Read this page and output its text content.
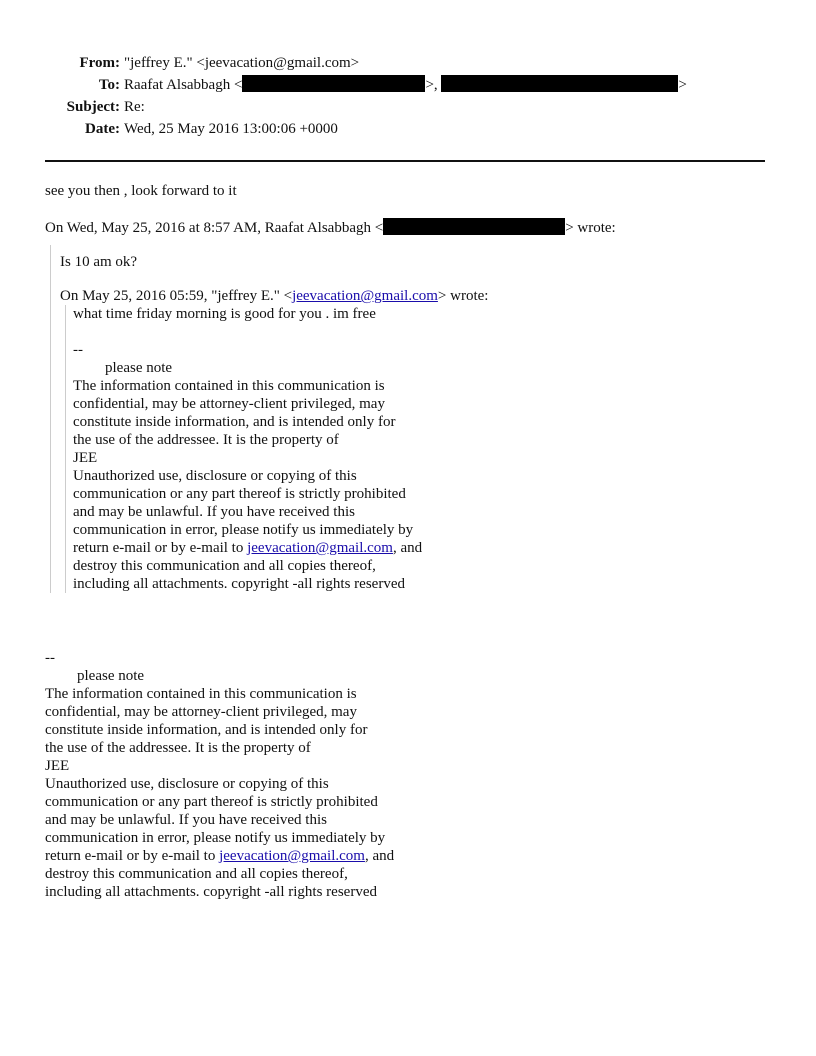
From: "jeffrey E." <jeevacation@gmail.com>
To: Raafat Alsabbagh <	>,	>
Subject: Re:
Date: Wed, 25 May 2016 13:00:06 +0000

see you then , look forward to it

On Wed, May 25, 2016 at 8:57 AM, Raafat Alsabbagh <	> wrote:

Is 10 am ok?

On May 25, 2016 05:59, "jeffrey E." <jeevacation@gmail.com> wrote:

what time friday morning is good for you . im free

--

please note

The information contained in this communication is

confidential, may be attorney-client privileged, may

constitute inside information, and is intended only for

the use of the addressee. It is the property of

JEE

Unauthorized use, disclosure or copying of this

communication or any part thereof is strictly prohibited

and may be unlawful. If you have received this

communication in error, please notify us immediately by

return e-mail or by e-mail to jeevacation@gmail.com, and

destroy this communication and all copies thereof,

including all attachments. copyright -all rights reserved

--

please note

The information contained in this communication is

confidential, may be attorney-client privileged, may

constitute inside information, and is intended only for

the use of the addressee. It is the property of

JEE

Unauthorized use, disclosure or copying of this

communication or any part thereof is strictly prohibited

and may be unlawful. If you have received this

communication in error, please notify us immediately by

return e-mail or by e-mail to jeevacation@gmail.com, and

destroy this communication and all copies thereof,

including all attachments. copyright -all rights reserved
